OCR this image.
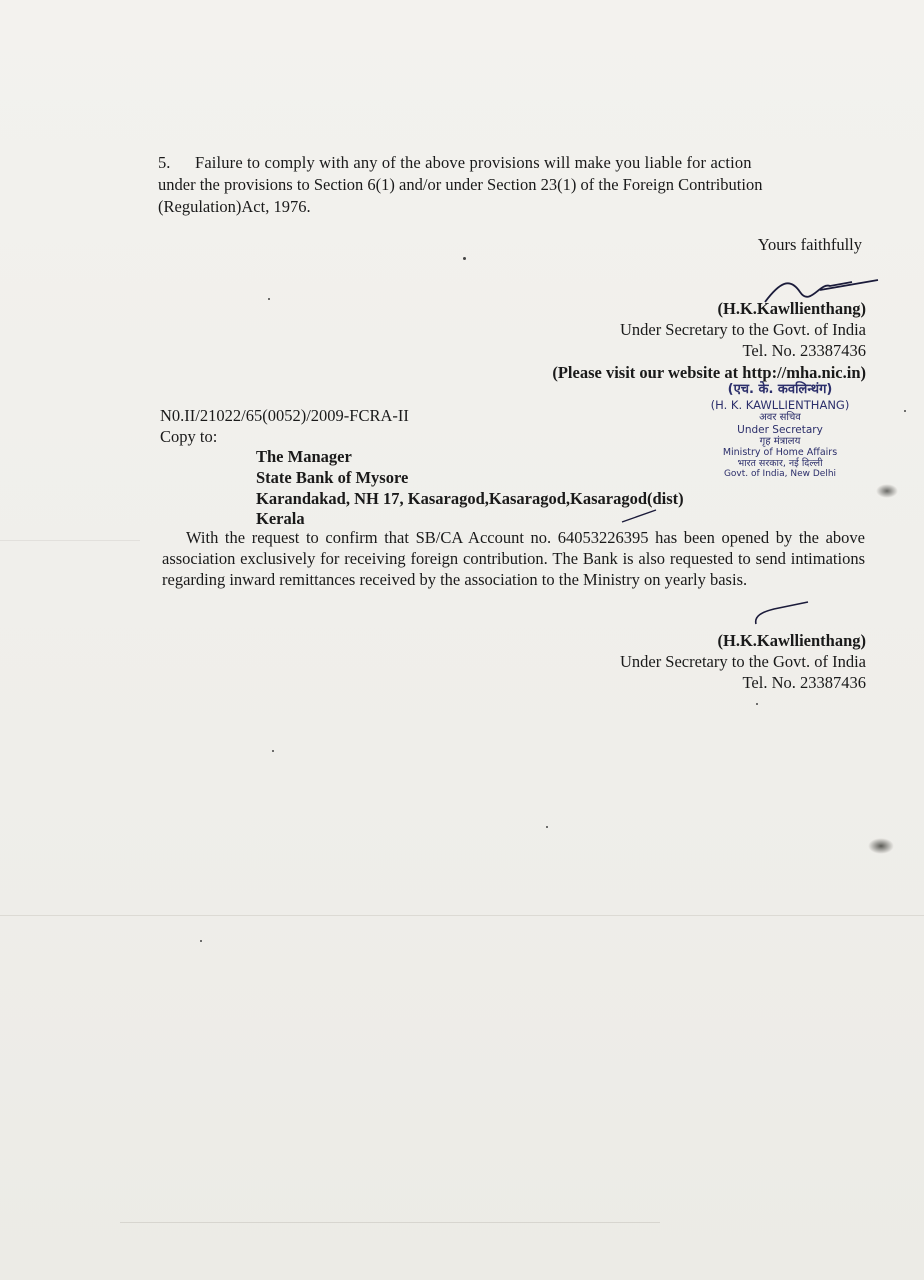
5. Failure to comply with any of the above provisions will make you liable for action
under the provisions to Section 6(1) and/or under Section 23(1) of the Foreign Contribution
(Regulation)Act, 1976.
Yours faithfully
(H.K.Kawllienthang)
Under Secretary to the Govt. of India
Tel. No. 23387436
(Please visit our website at http://mha.nic.in)
(एच. के. कवलिन्थंग)
(H. K. KAWLLIENTHANG)
अवर सचिव
Under Secretary
गृह मंत्रालय
Ministry of Home Affairs
भारत सरकार, नई दिल्ली
Govt. of India, New Delhi
N0.II/21022/65(0052)/2009-FCRA-II
Copy to:
The Manager
State Bank of Mysore
Karandakad, NH 17, Kasaragod,Kasaragod,Kasaragod(dist)
Kerala
With the request to confirm that SB/CA Account no. 64053226395 has been opened by the above association exclusively for receiving foreign contribution. The Bank is also requested to send intimations regarding inward remittances received by the association to the Ministry on yearly basis.
(H.K.Kawllienthang)
Under Secretary to the Govt. of India
Tel. No. 23387436
